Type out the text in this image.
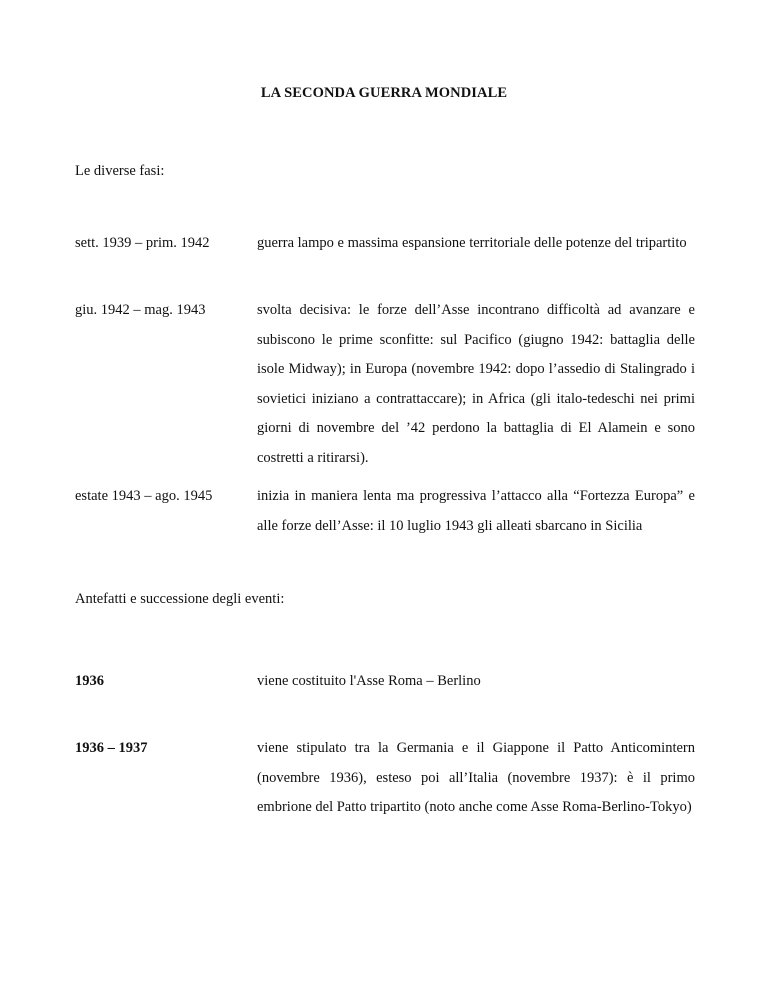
LA SECONDA GUERRA MONDIALE
Le diverse fasi:
sett. 1939 – prim. 1942	guerra lampo e massima espansione territoriale delle potenze del tripartito
giu. 1942 – mag. 1943	svolta decisiva: le forze dell’Asse incontrano difficoltà ad avanzare e subiscono le prime sconfitte: sul Pacifico (giugno 1942: battaglia delle isole Midway); in Europa (novembre 1942: dopo l’assedio di Stalingrado i sovietici iniziano a contrattaccare); in Africa (gli italo-tedeschi nei primi giorni di novembre del ’42 perdono la battaglia di El Alamein e sono costretti a ritirarsi).
estate 1943 – ago. 1945	inizia in maniera lenta ma progressiva l’attacco alla “Fortezza Europa” e alle forze dell’Asse: il 10 luglio 1943 gli alleati sbarcano in Sicilia
Antefatti e successione degli eventi:
1936	viene costituito l'Asse Roma – Berlino
1936 – 1937	viene stipulato tra la Germania e il Giappone il Patto Anticomintern (novembre 1936), esteso poi all’Italia (novembre 1937): è il primo embrione del Patto tripartito (noto anche come Asse Roma-Berlino-Tokyo)
